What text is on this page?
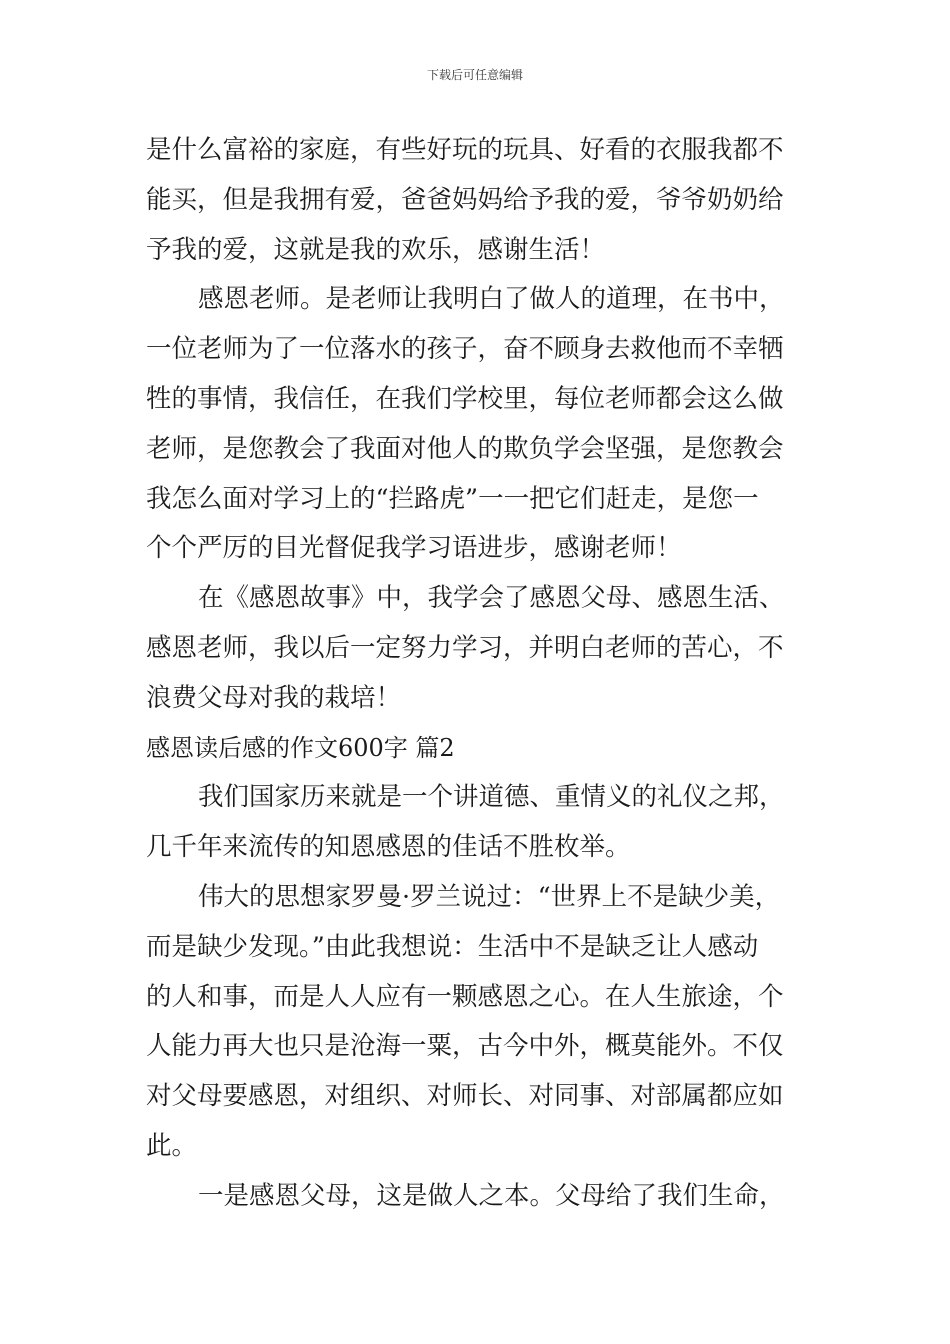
下载后可任意编辑
是什么富裕的家庭，有些好玩的玩具、好看的衣服我都不
能买，但是我拥有爱，爸爸妈妈给予我的爱，爷爷奶奶给
予我的爱，这就是我的欢乐，感谢生活！
感恩老师。是老师让我明白了做人的道理，在书中，
一位老师为了一位落水的孩子，奋不顾身去救他而不幸牺
牲的事情，我信任，在我们学校里，每位老师都会这么做
老师，是您教会了我面对他人的欺负学会坚强，是您教会
我怎么面对学习上的“拦路虎”一一把它们赶走，是您一
个个严厉的目光督促我学习语进步，感谢老师！
在《感恩故事》中，我学会了感恩父母、感恩生活、
感恩老师，我以后一定努力学习，并明白老师的苦心，不
浪费父母对我的栽培！
感恩读后感的作文600字 篇2
我们国家历来就是一个讲道德、重情义的礼仪之邦，
几千年来流传的知恩感恩的佳话不胜枚举。
伟大的思想家罗曼·罗兰说过：“世界上不是缺少美，
而是缺少发现。”由此我想说：生活中不是缺乏让人感动
的人和事，而是人人应有一颗感恩之心。在人生旅途，个
人能力再大也只是沧海一粟，古今中外，概莫能外。不仅
对父母要感恩，对组织、对师长、对同事、对部属都应如
此。
一是感恩父母，这是做人之本。父母给了我们生命，
